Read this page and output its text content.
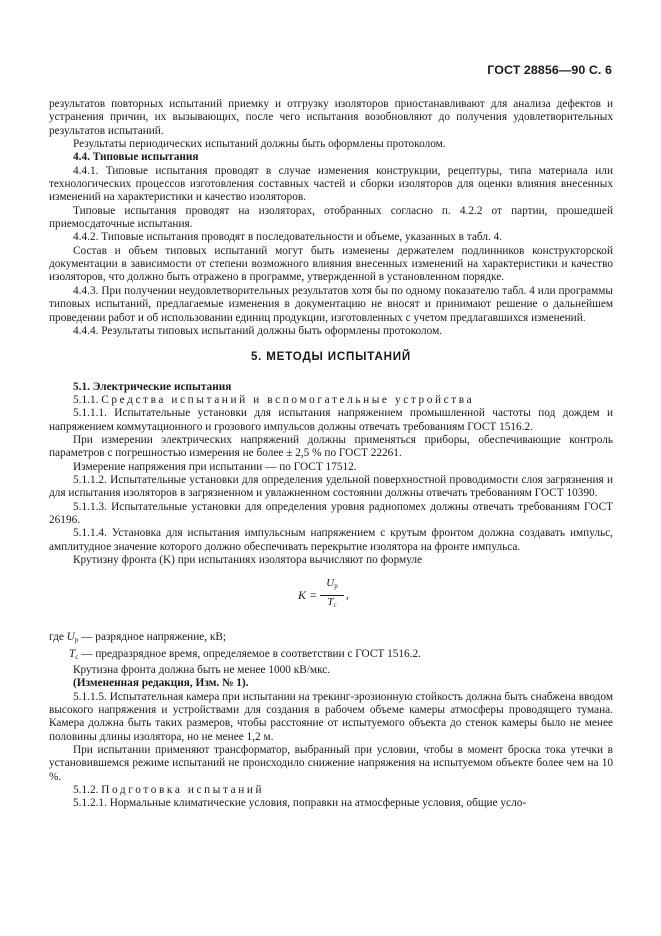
ГОСТ 28856—90 С. 6

результатов повторных испытаний приемку и отгрузку изоляторов приостанавливают для анализа дефектов и устранения причин, их вызывающих, после чего испытания возобновляют до получения удовлетворительных результатов испытаний.

Результаты периодических испытаний должны быть оформлены протоколом.

4.4. Типовые испытания

4.4.1. Типовые испытания проводят в случае изменения конструкции, рецептуры, типа материала или технологических процессов изготовления составных частей и сборки изоляторов для оценки влияния внесенных изменений на характеристики и качество изоляторов.

Типовые испытания проводят на изоляторах, отобранных согласно п. 4.2.2 от партии, прошедшей приемосдаточные испытания.

4.4.2. Типовые испытания проводят в последовательности и объеме, указанных в табл. 4.

Состав и объем типовых испытаний могут быть изменены держателем подлинников конструкторской документации в зависимости от степени возможного влияния внесенных изменений на характеристики и качество изоляторов, что должно быть отражено в программе, утвержденной в установленном порядке.

4.4.3. При получении неудовлетворительных результатов хотя бы по одному показателю табл. 4 или программы типовых испытаний, предлагаемые изменения в документацию не вносят и принимают решение о дальнейшем проведении работ и об использовании единиц продукции, изготовленных с учетом предлагавшихся изменений.

4.4.4. Результаты типовых испытаний должны быть оформлены протоколом.

5. МЕТОДЫ ИСПЫТАНИЙ

5.1. Электрические испытания

5.1.1. Средства испытаний и вспомогательные устройства

5.1.1.1. Испытательные установки для испытания напряжением промышленной частоты под дождем и напряжением коммутационного и грозового импульсов должны отвечать требованиям ГОСТ 1516.2.

При измерении электрических напряжений должны применяться приборы, обеспечивающие контроль параметров с погрешностью измерения не более ± 2,5 % по ГОСТ 22261.

Измерение напряжения при испытании — по ГОСТ 17512.

5.1.1.2. Испытательные установки для определения удельной поверхностной проводимости слоя загрязнения и для испытания изоляторов в загрязненном и увлажненном состоянии должны отвечать требованиям ГОСТ 10390.

5.1.1.3. Испытательные установки для определения уровня радиопомех должны отвечать требованиям ГОСТ 26196.

5.1.1.4. Установка для испытания импульсным напряжением с крутым фронтом должна создавать импульс, амплитудное значение которого должно обеспечивать перекрытие изолятора на фронте импульса.

Крутизну фронта (K) при испытаниях изолятора вычисляют по формуле

$K = \frac{U_p}{T_c}$ ,

где $U_p$ — разрядное напряжение, кВ;

$T_c$ — предразрядное время, определяемое в соответствии с ГОСТ 1516.2.

Крутизна фронта должна быть не менее 1000 кВ/мкс.

(Измененная редакция, Изм. № 1).

5.1.1.5. Испытательная камера при испытании на трекинг-эрозионную стойкость должна быть снабжена вводом высокого напряжения и устройствами для создания в рабочем объеме камеры атмосферы проводящего тумана. Камера должна быть таких размеров, чтобы расстояние от испытуемого объекта до стенок камеры было не менее половины длины изолятора, но не менее 1,2 м.

При испытании применяют трансформатор, выбранный при условии, чтобы в момент броска тока утечки в установившемся режиме испытаний не происходило снижение напряжения на испытуемом объекте более чем на 10 %.

5.1.2. Подготовка испытаний

5.1.2.1. Нормальные климатические условия, поправки на атмосферные условия, общие усло-
